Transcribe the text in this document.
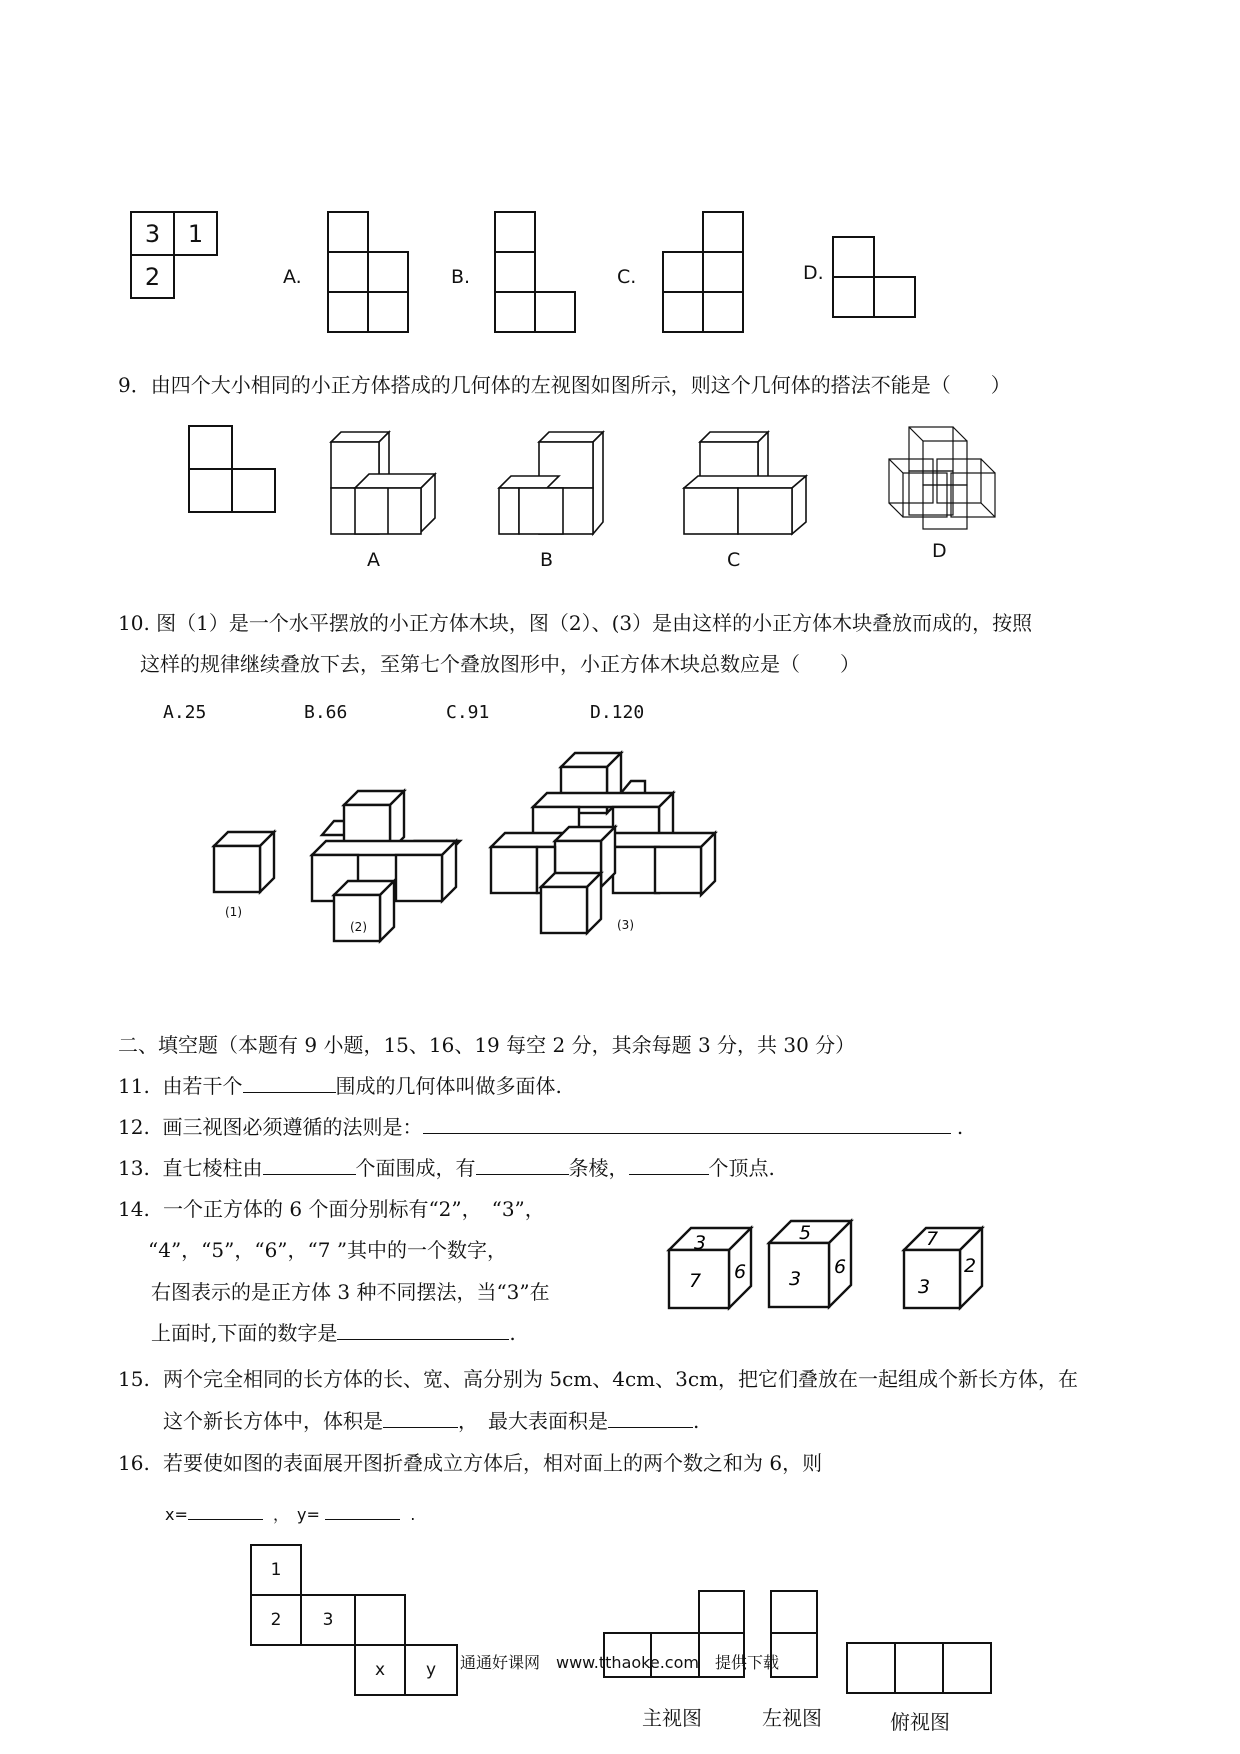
3	1
2	A.	B.	C.	D.
9．由四个大小相同的小正方体搭成的几何体的左视图如图所示，则这个几何体的搭法不能是（　　）
A	B	C	D
10. 图（1）是一个水平摆放的小正方体木块，图（2）、(3）是由这样的小正方体木块叠放而成的，按照
这样的规律继续叠放下去，至第七个叠放图形中，小正方体木块总数应是（　　）
A.25	B.66	C.91	D.120
(1)
(2)	(3)
二、填空题（本题有 9 小题，15、16、19 每空 2 分，其余每题 3 分，共 30 分）
11. 由若干个	围成的几何体叫做多面体.
12. 画三视图必须遵循的法则是：	.
13. 直七棱柱由	个面围成，有	条棱，	个顶点.
14. 一个正方体的 6 个面分别标有“2”，　“3”，
“4”，“5”，“6”，“7 ”其中的一个数字，
右图表示的是正方体 3 种不同摆法，当“3”在
上面时,下面的数字是	.
3
7 6
5
3
6
7
3
2
15. 两个完全相同的长方体的长、宽、高分别为 5cm、4cm、3cm，把它们叠放在一起组成个新长方体，在
这个新长方体中，体积是	，　最大表面积是	.
16. 若要使如图的表面展开图折叠成立方体后，相对面上的两个数之和为 6，则
x=	，　y=	.
1
2	3
x	y
主视图	左视图	俯视图
通通好课网　www.tthaoke.com　提供下载
